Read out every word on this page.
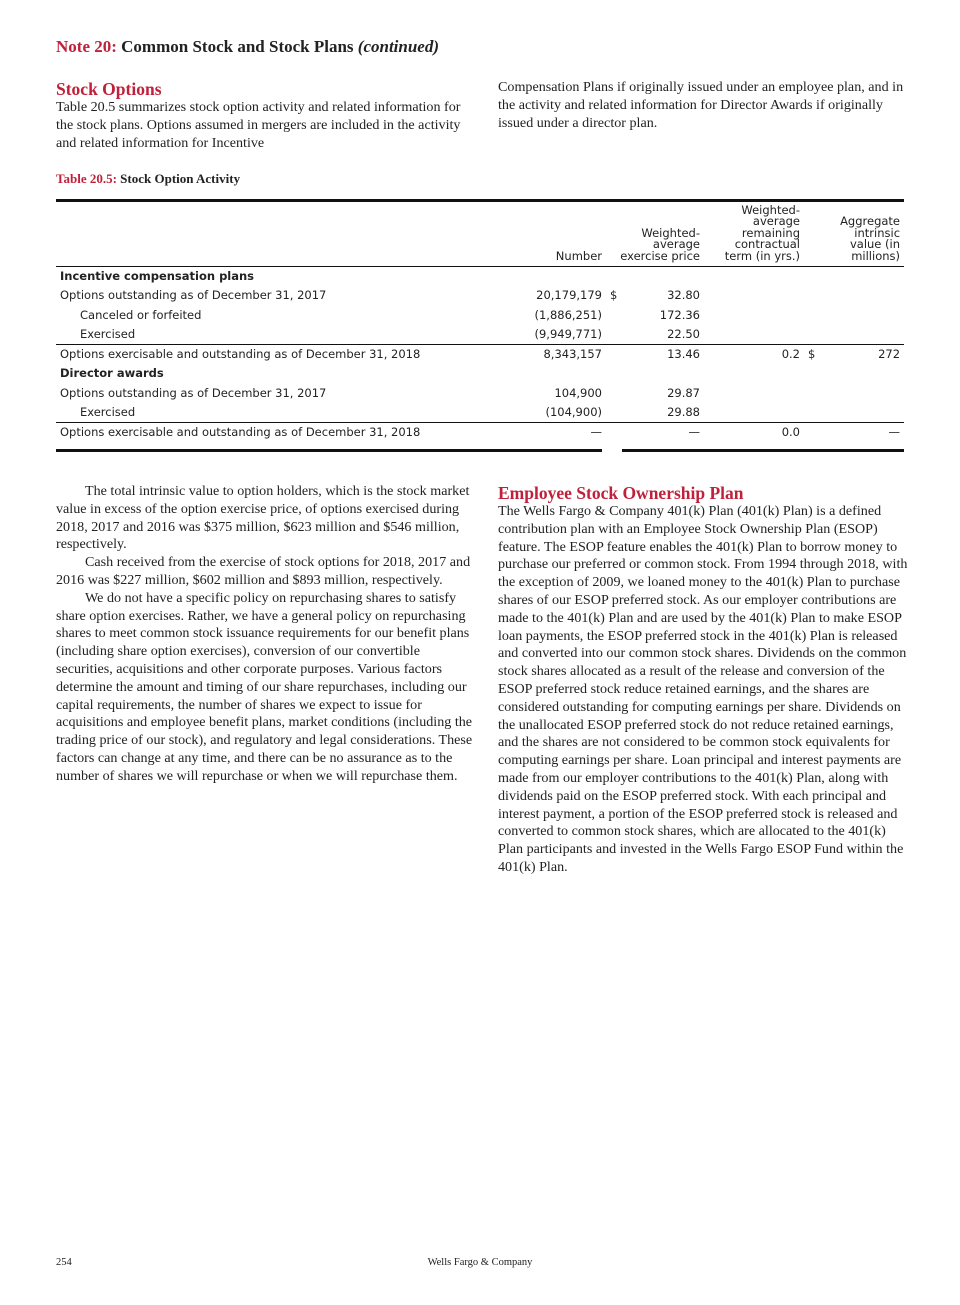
Note 20: Common Stock and Stock Plans (continued)
Stock Options

Table 20.5 summarizes stock option activity and related information for the stock plans. Options assumed in mergers are included in the activity and related information for Incentive

Compensation Plans if originally issued under an employee plan, and in the activity and related information for Director Awards if originally issued under a director plan.

Table 20.5: Stock Option Activity
	Number	Weighted-average exercise price		Weighted-average remaining contractual term (in yrs.)	Aggregate intrinsic value (in millions)	
Incentive compensation plans						
Options outstanding as of December 31, 2017	20,179,179	$	32.80			
Canceled or forfeited	(1,886,251)		172.36			
Exercised	(9,949,771)		22.50			
Options exercisable and outstanding as of December 31, 2018	8,343,157		13.46	0.2	$	272
Director awards						
Options outstanding as of December 31, 2017	104,900		29.87			
Exercised	(104,900)		29.88			
Options exercisable and outstanding as of December 31, 2018	—		—	0.0		—

The total intrinsic value to option holders, which is the stock market value in excess of the option exercise price, of options exercised during 2018, 2017 and 2016 was $375 million, $623 million and $546 million, respectively.

Cash received from the exercise of stock options for 2018, 2017 and 2016 was $227 million, $602 million and $893 million, respectively.

We do not have a specific policy on repurchasing shares to satisfy share option exercises. Rather, we have a general policy on repurchasing shares to meet common stock issuance requirements for our benefit plans (including share option exercises), conversion of our convertible securities, acquisitions and other corporate purposes. Various factors determine the amount and timing of our share repurchases, including our capital requirements, the number of shares we expect to issue for acquisitions and employee benefit plans, market conditions (including the trading price of our stock), and regulatory and legal considerations. These factors can change at any time, and there can be no assurance as to the number of shares we will repurchase or when we will repurchase them.

Employee Stock Ownership Plan

The Wells Fargo & Company 401(k) Plan (401(k) Plan) is a defined contribution plan with an Employee Stock Ownership Plan (ESOP) feature. The ESOP feature enables the 401(k) Plan to borrow money to purchase our preferred or common stock. From 1994 through 2018, with the exception of 2009, we loaned money to the 401(k) Plan to purchase shares of our ESOP preferred stock. As our employer contributions are made to the 401(k) Plan and are used by the 401(k) Plan to make ESOP loan payments, the ESOP preferred stock in the 401(k) Plan is released and converted into our common stock shares. Dividends on the common stock shares allocated as a result of the release and conversion of the ESOP preferred stock reduce retained earnings, and the shares are considered outstanding for computing earnings per share. Dividends on the unallocated ESOP preferred stock do not reduce retained earnings, and the shares are not considered to be common stock equivalents for computing earnings per share. Loan principal and interest payments are made from our employer contributions to the 401(k) Plan, along with dividends paid on the ESOP preferred stock. With each principal and interest payment, a portion of the ESOP preferred stock is released and converted to common stock shares, which are allocated to the 401(k) Plan participants and invested in the Wells Fargo ESOP Fund within the 401(k) Plan.

254	Wells Fargo & Company
